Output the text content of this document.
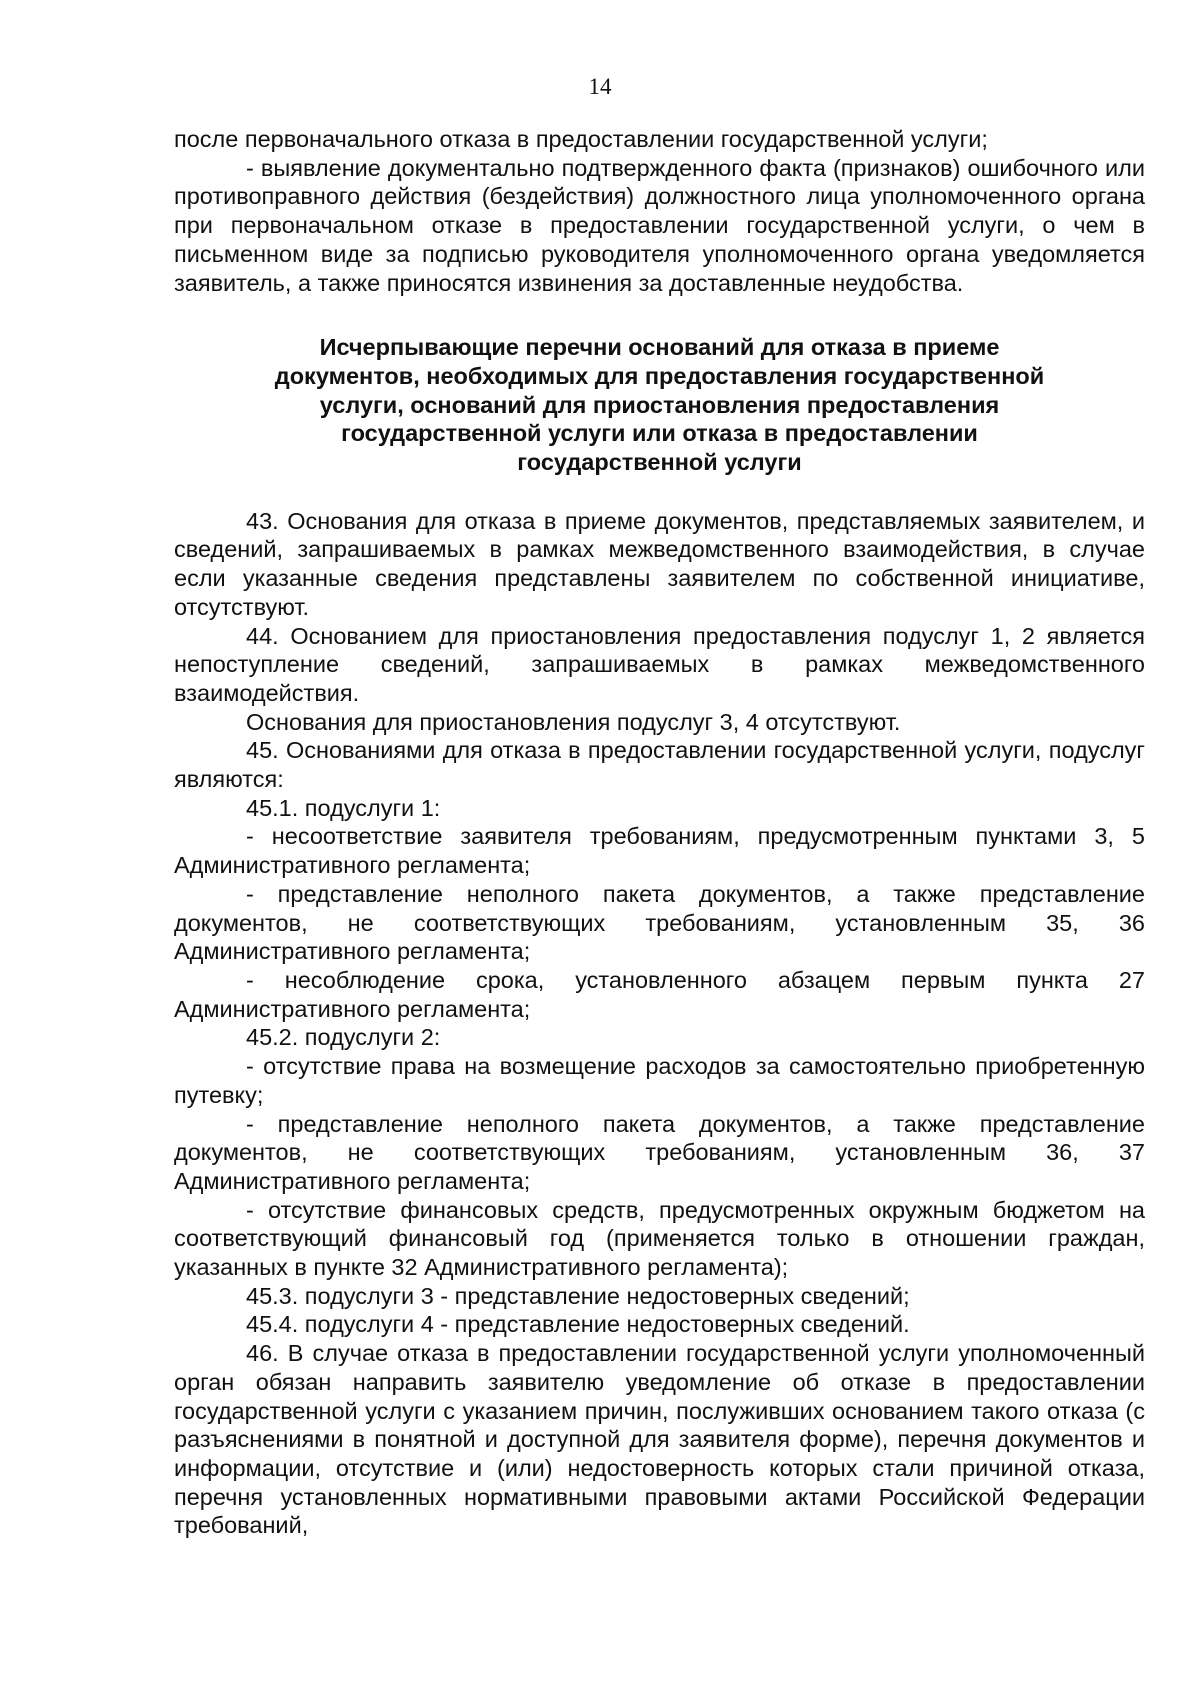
14

после первоначального отказа в предоставлении государственной услуги;

- выявление документально подтвержденного факта (признаков) ошибочного или противоправного действия (бездействия) должностного лица уполномоченного органа при первоначальном отказе в предоставлении государственной услуги, о чем в письменном виде за подписью руководителя уполномоченного органа уведомляется заявитель, а также приносятся извинения за доставленные неудобства.

Исчерпывающие перечни оснований для отказа в приеме
документов, необходимых для предоставления государственной
услуги, оснований для приостановления предоставления
государственной услуги или отказа в предоставлении
государственной услуги

43. Основания для отказа в приеме документов, представляемых заявителем, и сведений, запрашиваемых в рамках межведомственного взаимодействия, в случае если указанные сведения представлены заявителем по собственной инициативе, отсутствуют.

44. Основанием для приостановления предоставления подуслуг 1, 2 является непоступление сведений, запрашиваемых в рамках межведомственного взаимодействия.

Основания для приостановления подуслуг 3, 4 отсутствуют.

45. Основаниями для отказа в предоставлении государственной услуги, подуслуг являются:

45.1. подуслуги 1:

- несоответствие заявителя требованиям, предусмотренным пунктами 3, 5 Административного регламента;

- представление неполного пакета документов, а также представление документов, не соответствующих требованиям, установленным 35, 36 Административного регламента;

- несоблюдение срока, установленного абзацем первым пункта 27 Административного регламента;

45.2. подуслуги 2:

- отсутствие права на возмещение расходов за самостоятельно приобретенную путевку;

- представление неполного пакета документов, а также представление документов, не соответствующих требованиям, установленным 36, 37 Административного регламента;

- отсутствие финансовых средств, предусмотренных окружным бюджетом на соответствующий финансовый год (применяется только в отношении граждан, указанных в пункте 32 Административного регламента);

45.3. подуслуги 3 - представление недостоверных сведений;

45.4. подуслуги 4 - представление недостоверных сведений.

46. В случае отказа в предоставлении государственной услуги уполномоченный орган обязан направить заявителю уведомление об отказе в предоставлении государственной услуги с указанием причин, послуживших основанием такого отказа (с разъяснениями в понятной и доступной для заявителя форме), перечня документов и информации, отсутствие и (или) недостоверность которых стали причиной отказа, перечня установленных нормативными правовыми актами Российской Федерации требований,
